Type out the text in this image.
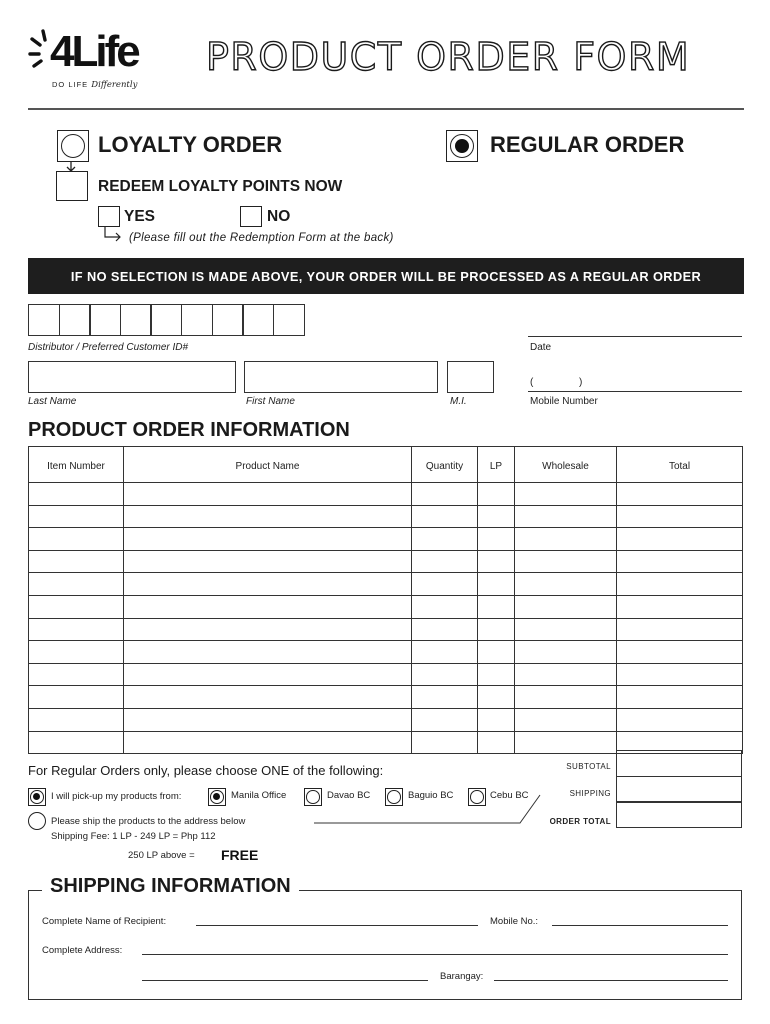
4Life
DO LIFE Differently
PRODUCT ORDER FORM
LOYALTY ORDER	REGULAR ORDER
REDEEM LOYALTY POINTS NOW
YES	NO
(Please fill out the Redemption Form at the back)
IF NO SELECTION IS MADE ABOVE, YOUR ORDER WILL BE PROCESSED AS A REGULAR ORDER
Distributor / Preferred Customer ID#	Date
Last Name	First Name	M.I.
(	)
Mobile Number
PRODUCT ORDER INFORMATION
Item Number	Product Name	Quantity	LP	Wholesale	Total

SUBTOTAL
SHIPPING
ORDER TOTAL
For Regular Orders only, please choose ONE of the following:
I will pick-up my products from:	Manila Office	Davao BC	Baguio BC	Cebu BC
Please ship the products to the address below
Shipping Fee: 1 LP - 249 LP = Php 112
250 LP above = FREE
SHIPPING INFORMATION
Complete Name of Recipient:	Mobile No.:
Complete Address:
Barangay:
